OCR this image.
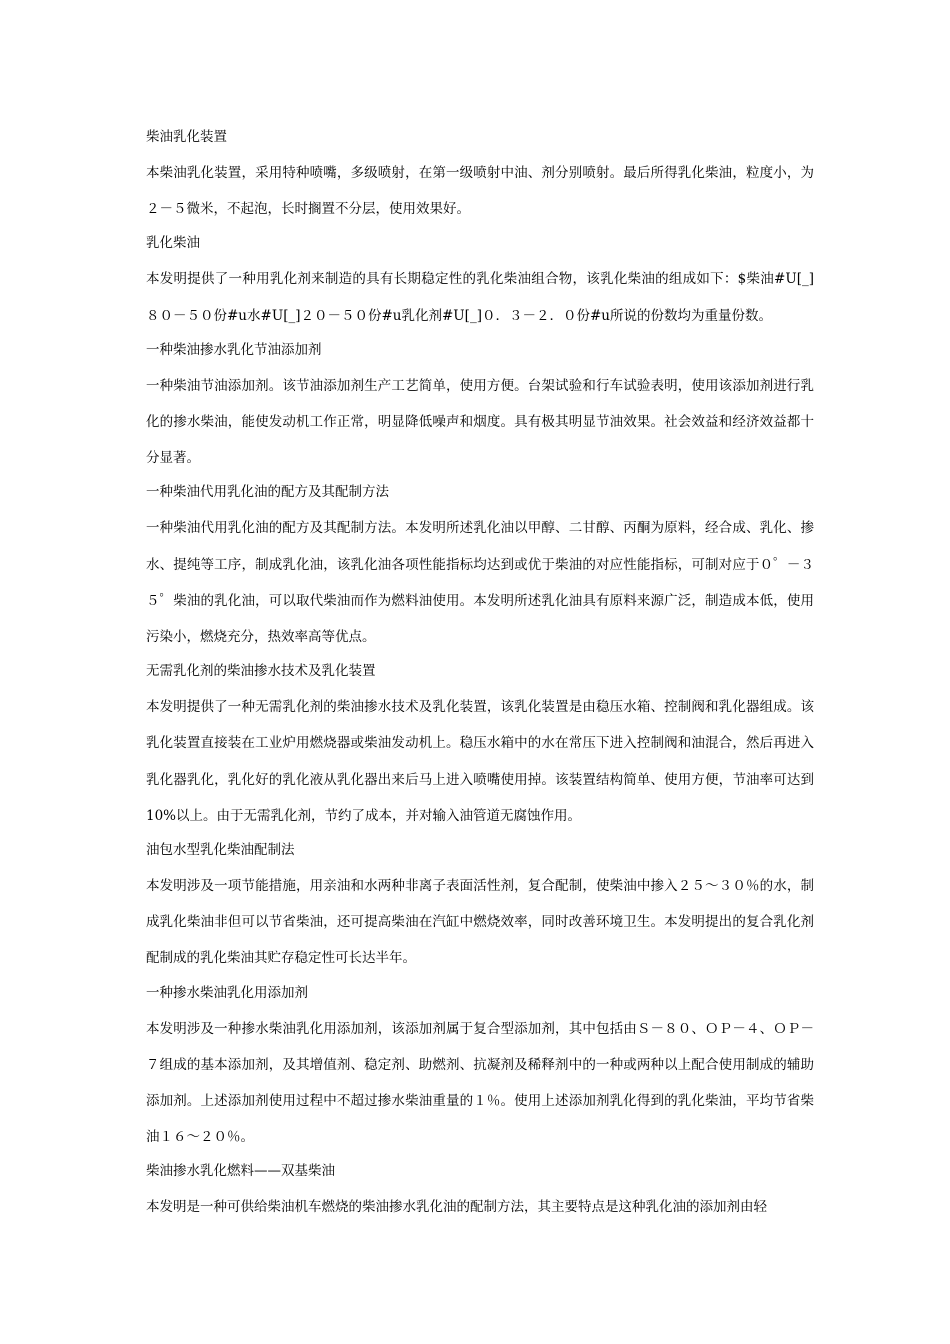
柴油乳化装置

本柴油乳化装置，采用特种喷嘴，多级喷射，在第一级喷射中油、剂分别喷射。最后所得乳化柴油，粒度小，为２－５微米，不起泡，长时搁置不分层，使用效果好。

乳化柴油

本发明提供了一种用乳化剂来制造的具有长期稳定性的乳化柴油组合物，该乳化柴油的组成如下：$柴油#U[_]８０－５０份#u水#U[_]２０－５０份#u乳化剂#U[_]０．３－２．０份#u所说的份数均为重量份数。

一种柴油掺水乳化节油添加剂

一种柴油节油添加剂。该节油添加剂生产工艺简单，使用方便。台架试验和行车试验表明，使用该添加剂进行乳化的掺水柴油，能使发动机工作正常，明显降低噪声和烟度。具有极其明显节油效果。社会效益和经济效益都十分显著。

一种柴油代用乳化油的配方及其配制方法

一种柴油代用乳化油的配方及其配制方法。本发明所述乳化油以甲醇、二甘醇、丙酮为原料，经合成、乳化、掺水、提纯等工序，制成乳化油，该乳化油各项性能指标均达到或优于柴油的对应性能指标，可制对应于０゜－３５゜柴油的乳化油，可以取代柴油而作为燃料油使用。本发明所述乳化油具有原料来源广泛，制造成本低，使用污染小，燃烧充分，热效率高等优点。

无需乳化剂的柴油掺水技术及乳化装置

本发明提供了一种无需乳化剂的柴油掺水技术及乳化装置，该乳化装置是由稳压水箱、控制阀和乳化器组成。该乳化装置直接装在工业炉用燃烧器或柴油发动机上。稳压水箱中的水在常压下进入控制阀和油混合，然后再进入乳化器乳化，乳化好的乳化液从乳化器出来后马上进入喷嘴使用掉。该装置结构简单、使用方便，节油率可达到10%以上。由于无需乳化剂，节约了成本，并对输入油管道无腐蚀作用。

油包水型乳化柴油配制法

本发明涉及一项节能措施，用亲油和水两种非离子表面活性剂，复合配制，使柴油中掺入２５～３０％的水，制成乳化柴油非但可以节省柴油，还可提高柴油在汽缸中燃烧效率，同时改善环境卫生。本发明提出的复合乳化剂配制成的乳化柴油其贮存稳定性可长达半年。

一种掺水柴油乳化用添加剂

本发明涉及一种掺水柴油乳化用添加剂，该添加剂属于复合型添加剂，其中包括由Ｓ－８０、ＯＰ－４、ＯＰ－７组成的基本添加剂，及其增值剂、稳定剂、助燃剂、抗凝剂及稀释剂中的一种或两种以上配合使用制成的辅助添加剂。上述添加剂使用过程中不超过掺水柴油重量的１％。使用上述添加剂乳化得到的乳化柴油，平均节省柴油１６～２０％。

柴油掺水乳化燃料——双基柴油

本发明是一种可供给柴油机车燃烧的柴油掺水乳化油的配制方法，其主要特点是这种乳化油的添加剂由轻
